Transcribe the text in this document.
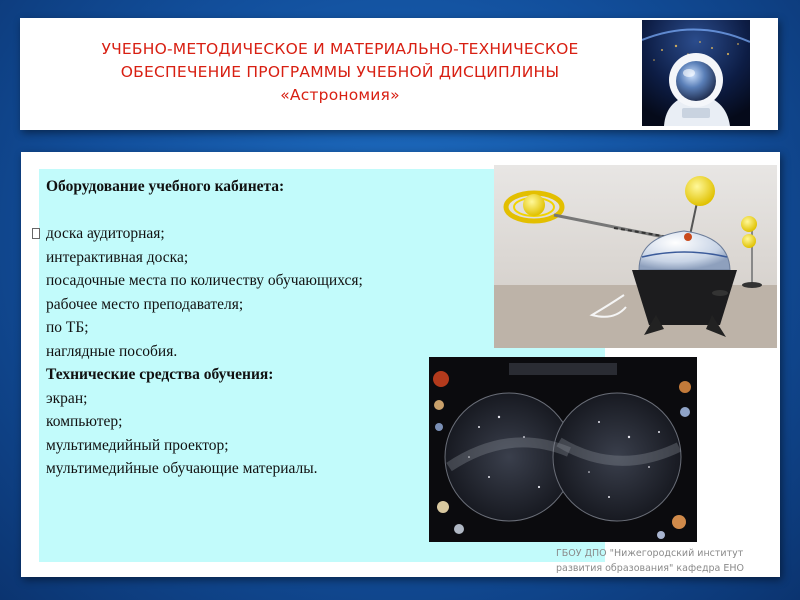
УЧЕБНО-МЕТОДИЧЕСКОЕ И МАТЕРИАЛЬНО-ТЕХНИЧЕСКОЕ
ОБЕСПЕЧЕНИЕ ПРОГРАММЫ УЧЕБНОЙ ДИСЦИПЛИНЫ
«Астрономия»
Оборудование учебного кабинета:
доска аудиторная;
интерактивная доска;
посадочные места по количеству обучающихся;
рабочее место преподавателя;
по ТБ;
наглядные пособия.
Технические средства обучения:
экран;
компьютер;
мультимедийный проектор;
мультимедийные обучающие материалы.
ГБОУ ДПО "Нижегородский институт
развития образования" кафедра ЕНО
